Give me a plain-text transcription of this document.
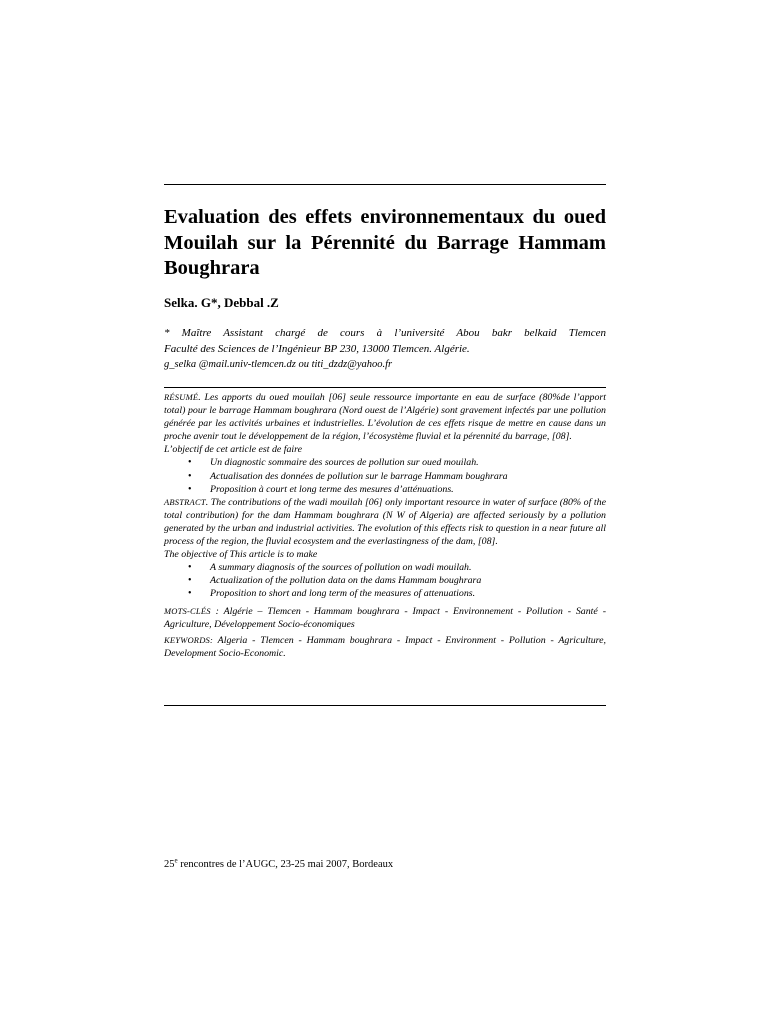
Evaluation des effets environnementaux du oued Mouilah sur la Pérennité du Barrage Hammam Boughrara

Selka. G*, Debbal .Z

* Maître Assistant chargé de cours à l’université Abou bakr belkaid Tlemcen
Faculté des Sciences de l’Ingénieur BP 230, 13000 Tlemcen. Algérie.

g_selka @mail.univ-tlemcen.dz ou titi_dzdz@yahoo.fr

RÉSUMÉ. Les apports du oued mouilah [06] seule ressource importante en eau de surface (80%de l’apport total) pour le barrage Hammam boughrara (Nord ouest de l’Algérie) sont gravement infectés par une pollution générée par les activités urbaines et industrielles. L’évolution de ces effets risque de mettre en cause dans un proche avenir tout le développement de la région, l’écosystème fluvial et la pérennité du barrage, [08].

L’objectif de cet article est de faire

• Un diagnostic sommaire des sources de pollution sur oued mouilah.
• Actualisation des données de pollution sur le barrage Hammam boughrara
• Proposition à court et long terme des mesures d’atténuations.

ABSTRACT. The contributions of the wadi mouilah [06] only important resource in water of surface (80% of the total contribution) for the dam Hammam boughrara (N W of Algeria) are affected seriously by a pollution generated by the urban and industrial activities. The evolution of this effects risk to question in a near future all process of the region, the fluvial ecosystem and the everlastingness of the dam, [08].

The objective of This article is to make

• A summary diagnosis of the sources of pollution on wadi mouilah.
• Actualization of the pollution data on the dams Hammam boughrara
• Proposition to short and long term of the measures of attenuations.

MOTS-CLÉS : Algérie – Tlemcen - Hammam boughrara - Impact - Environnement - Pollution - Santé - Agriculture, Développement Socio-économiques

KEYWORDS: Algeria - Tlemcen - Hammam boughrara - Impact - Environment - Pollution - Agriculture, Development Socio-Economic.

25e rencontres de l’AUGC, 23-25 mai 2007, Bordeaux
